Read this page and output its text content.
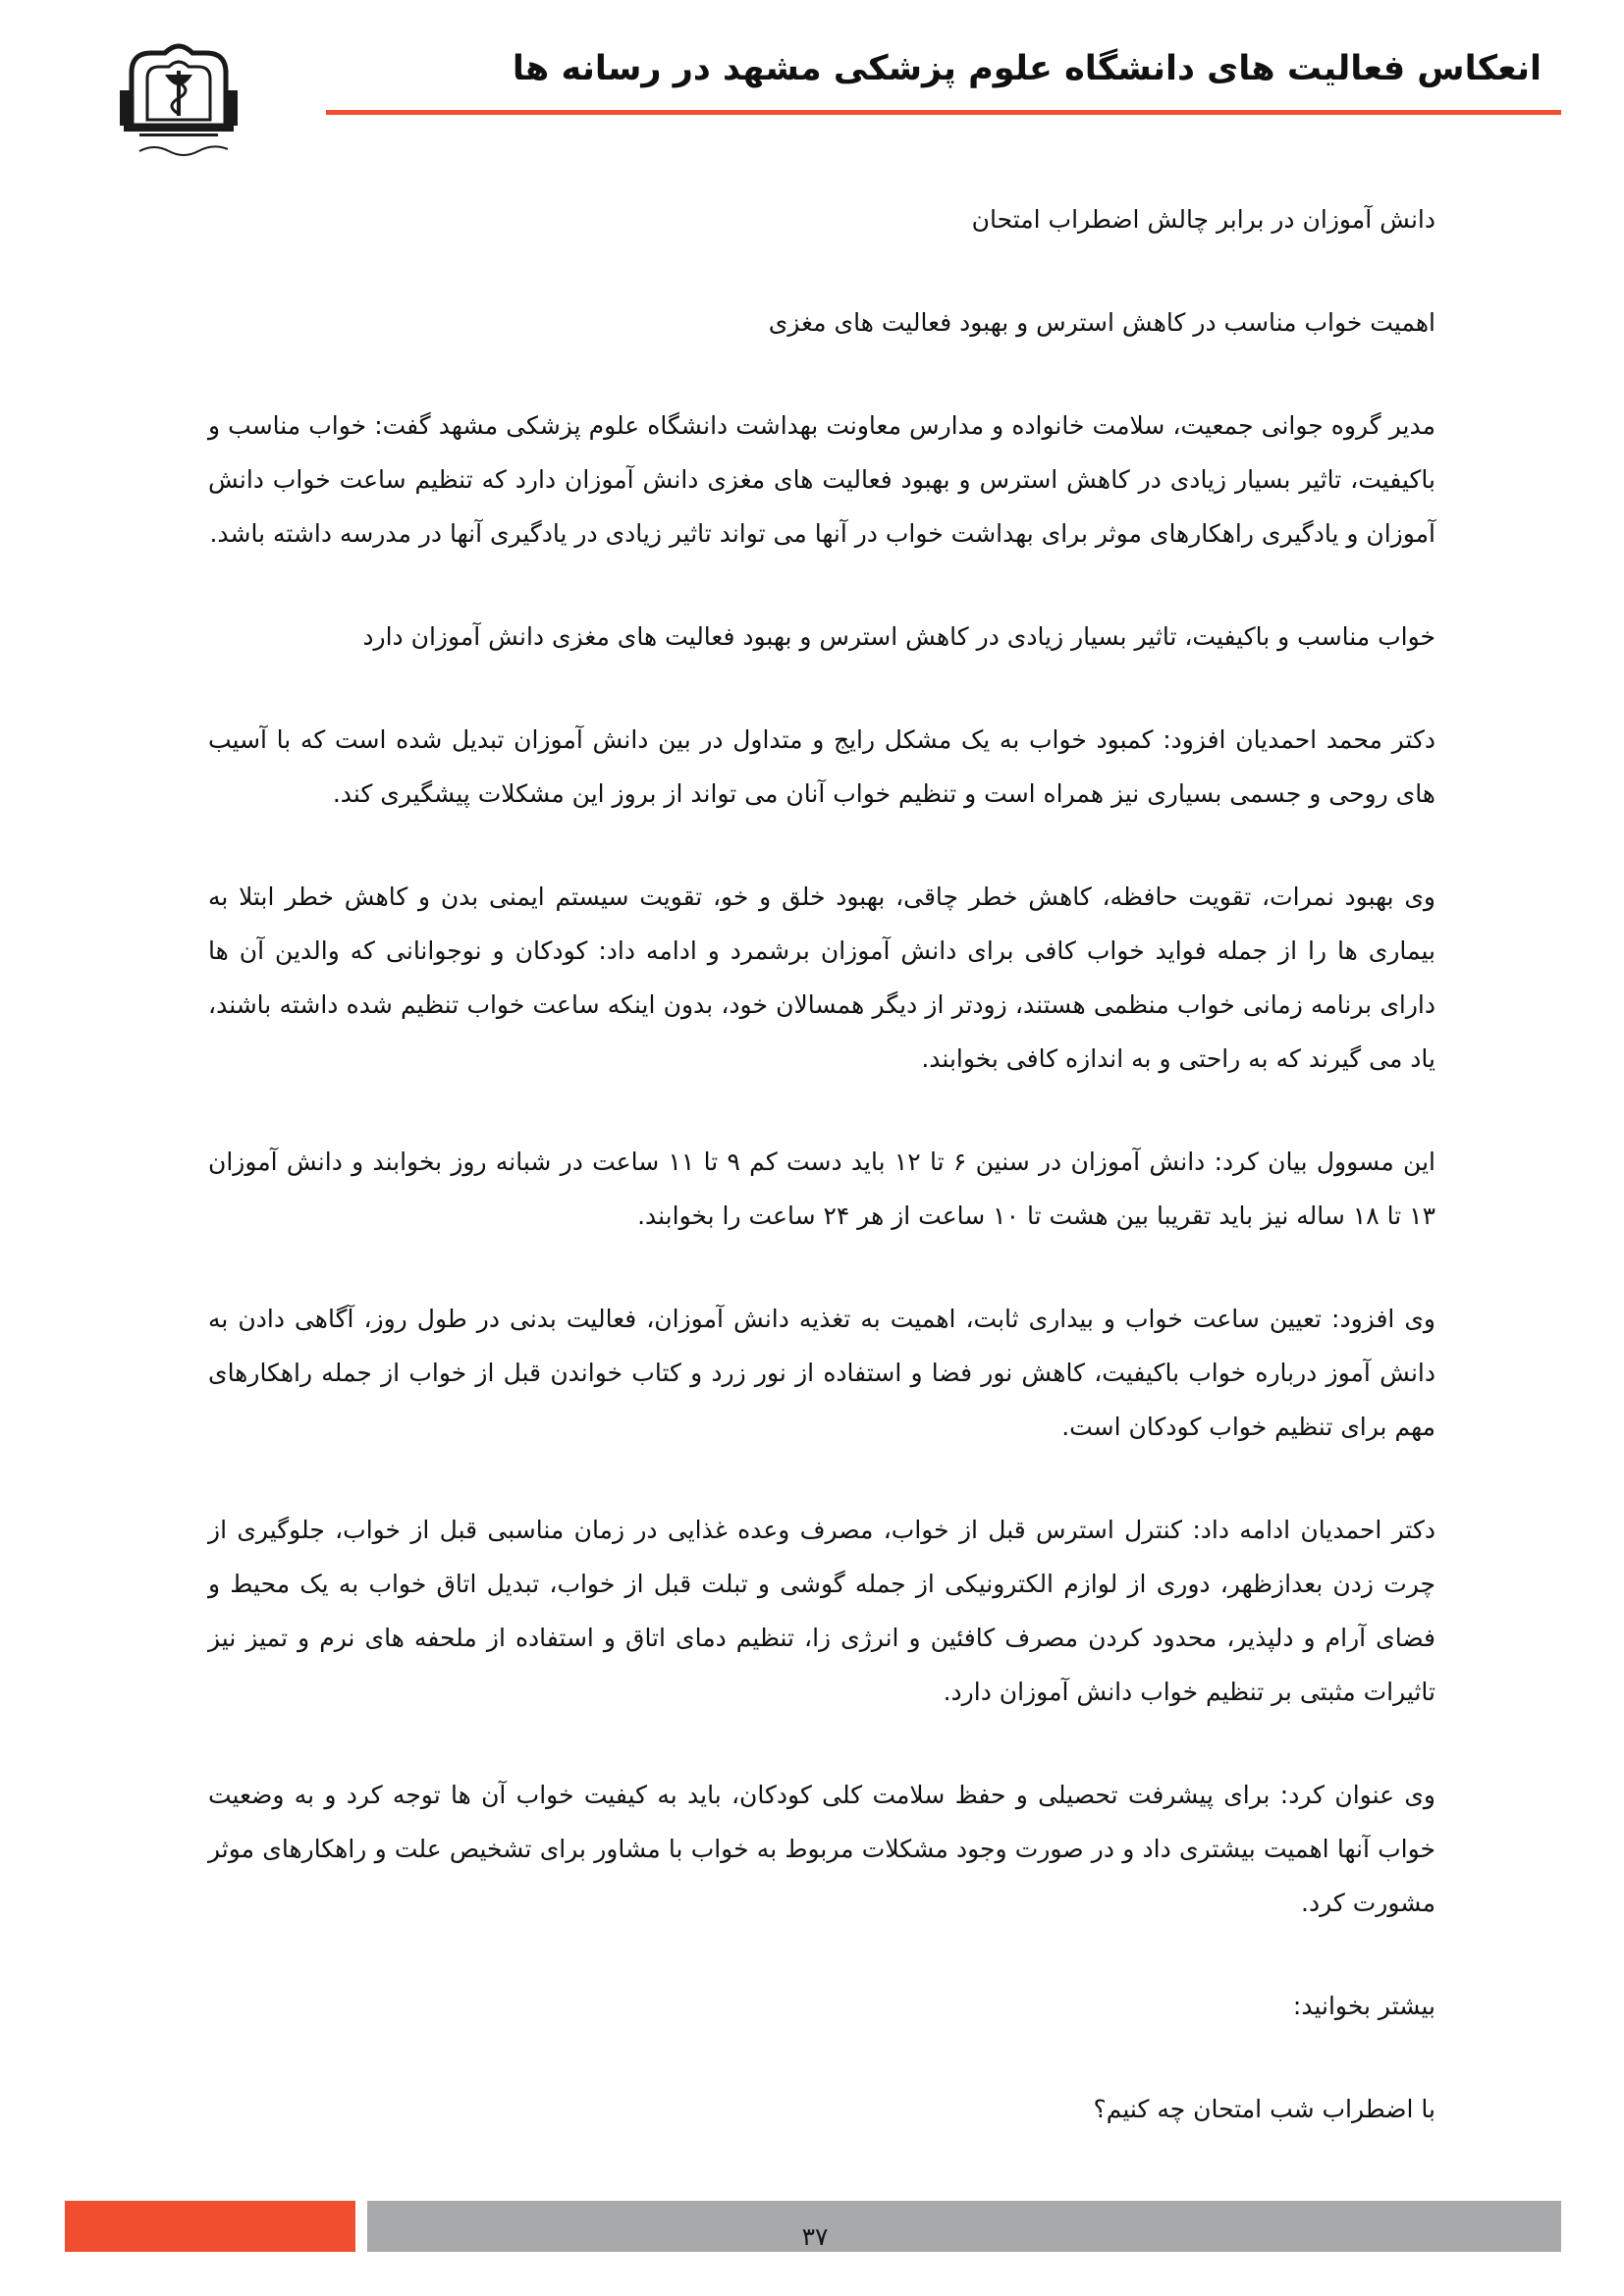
انعکاس فعالیت های دانشگاه علوم پزشکی مشهد در رسانه ها

دانش آموزان در برابر چالش اضطراب امتحان

اهمیت خواب مناسب در کاهش استرس و بهبود فعالیت های مغزی

مدیر گروه جوانی جمعیت، سلامت خانواده و مدارس معاونت بهداشت دانشگاه علوم پزشکی مشهد گفت: خواب مناسب و باکیفیت، تاثیر بسیار زیادی در کاهش استرس و بهبود فعالیت های مغزی دانش آموزان دارد که تنظیم ساعت خواب دانش آموزان و یادگیری راهکارهای موثر برای بهداشت خواب در آنها می تواند تاثیر زیادی در یادگیری آنها در مدرسه داشته باشد.

خواب مناسب و باکیفیت، تاثیر بسیار زیادی در کاهش استرس و بهبود فعالیت های مغزی دانش آموزان دارد

دکتر محمد احمدیان افزود: کمبود خواب به یک مشکل رایج و متداول در بین دانش آموزان تبدیل شده است که با آسیب های روحی و جسمی بسیاری نیز همراه است و تنظیم خواب آنان می تواند از بروز این مشکلات پیشگیری کند.

وی بهبود نمرات، تقویت حافظه، کاهش خطر چاقی، بهبود خلق و خو، تقویت سیستم ایمنی بدن و کاهش خطر ابتلا به بیماری ها را از جمله فواید خواب کافی برای دانش آموزان برشمرد و ادامه داد: کودکان و نوجوانانی که والدین آن ها دارای برنامه زمانی خواب منظمی هستند، زودتر از دیگر همسالان خود، بدون اینکه ساعت خواب تنظیم شده داشته باشند، یاد می گیرند که به راحتی و به اندازه کافی بخوابند.

این مسوول بیان کرد: دانش آموزان در سنین ۶ تا ۱۲ باید دست کم ۹ تا ۱۱ ساعت در شبانه روز بخوابند و دانش آموزان ۱۳ تا ۱۸ ساله نیز باید تقریبا بین هشت تا ۱۰ ساعت از هر ۲۴ ساعت را بخوابند.

وی افزود: تعیین ساعت خواب و بیداری ثابت، اهمیت به تغذیه دانش آموزان، فعالیت بدنی در طول روز، آگاهی دادن به دانش آموز درباره خواب باکیفیت، کاهش نور فضا و استفاده از نور زرد و کتاب خواندن قبل از خواب از جمله راهکارهای مهم برای تنظیم خواب کودکان است.

دکتر احمدیان ادامه داد: کنترل استرس قبل از خواب، مصرف وعده غذایی در زمان مناسبی قبل از خواب، جلوگیری از چرت زدن بعدازظهر، دوری از لوازم الکترونیکی از جمله گوشی و تبلت قبل از خواب، تبدیل اتاق خواب به یک محیط و فضای آرام و دلپذیر، محدود کردن مصرف کافئین و انرژی زا، تنظیم دمای اتاق و استفاده از ملحفه های نرم و تمیز نیز تاثیرات مثبتی بر تنظیم خواب دانش آموزان دارد.

وی عنوان کرد: برای پیشرفت تحصیلی و حفظ سلامت کلی کودکان، باید به کیفیت خواب آن ها توجه کرد و به وضعیت خواب آنها اهمیت بیشتری داد و در صورت وجود مشکلات مربوط به خواب با مشاور برای تشخیص علت و راهکارهای موثر مشورت کرد.

بیشتر بخوانید:

با اضطراب شب امتحان چه کنیم؟

۳۷
